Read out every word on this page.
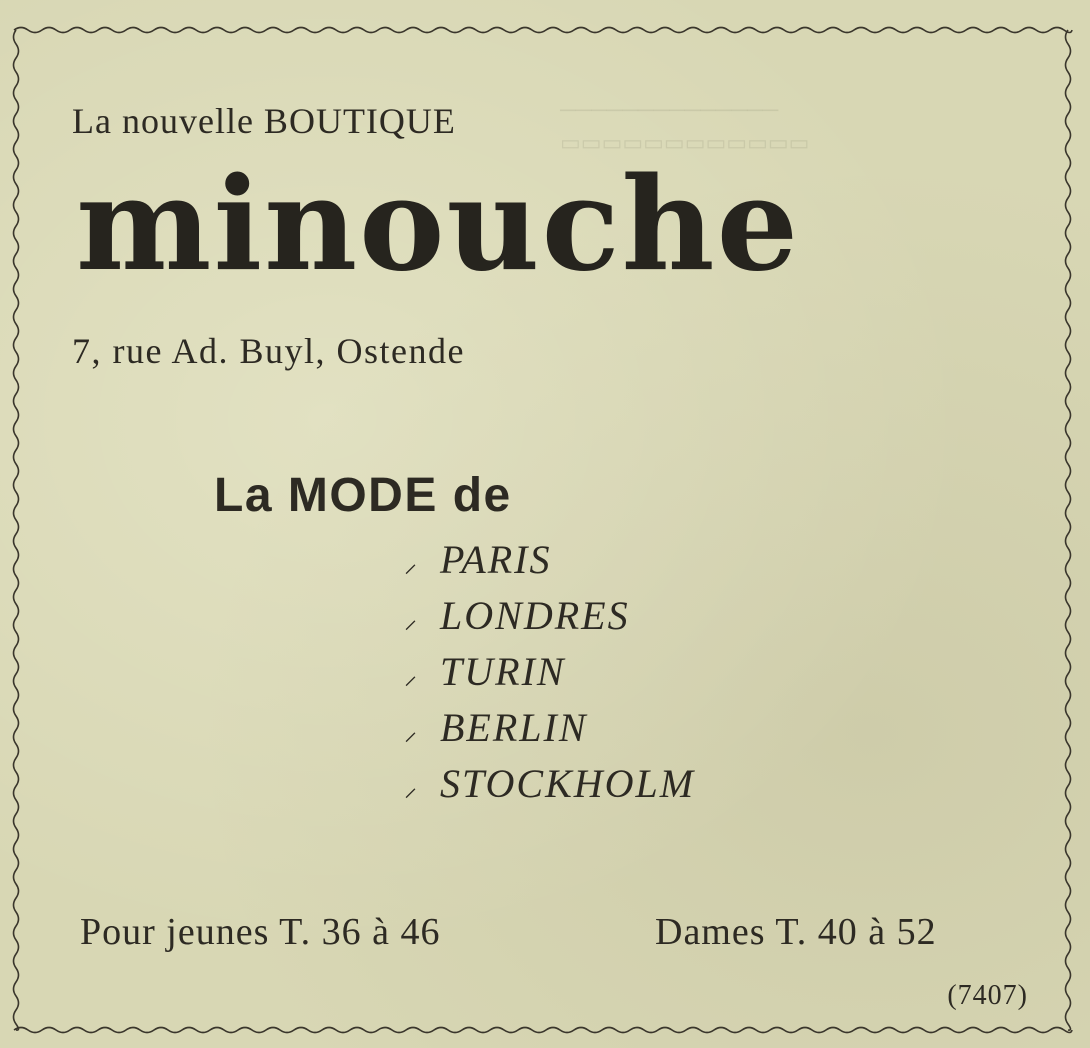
La nouvelle BOUTIQUE
minouche
7, rue Ad. Buyl, Ostende
La MODE de
⸝ PARIS
⸝ LONDRES
⸝ TURIN
⸝ BERLIN
⸝ STOCKHOLM
Pour jeunes T. 36 à 46	Dames T. 40 à 52
(7407)
